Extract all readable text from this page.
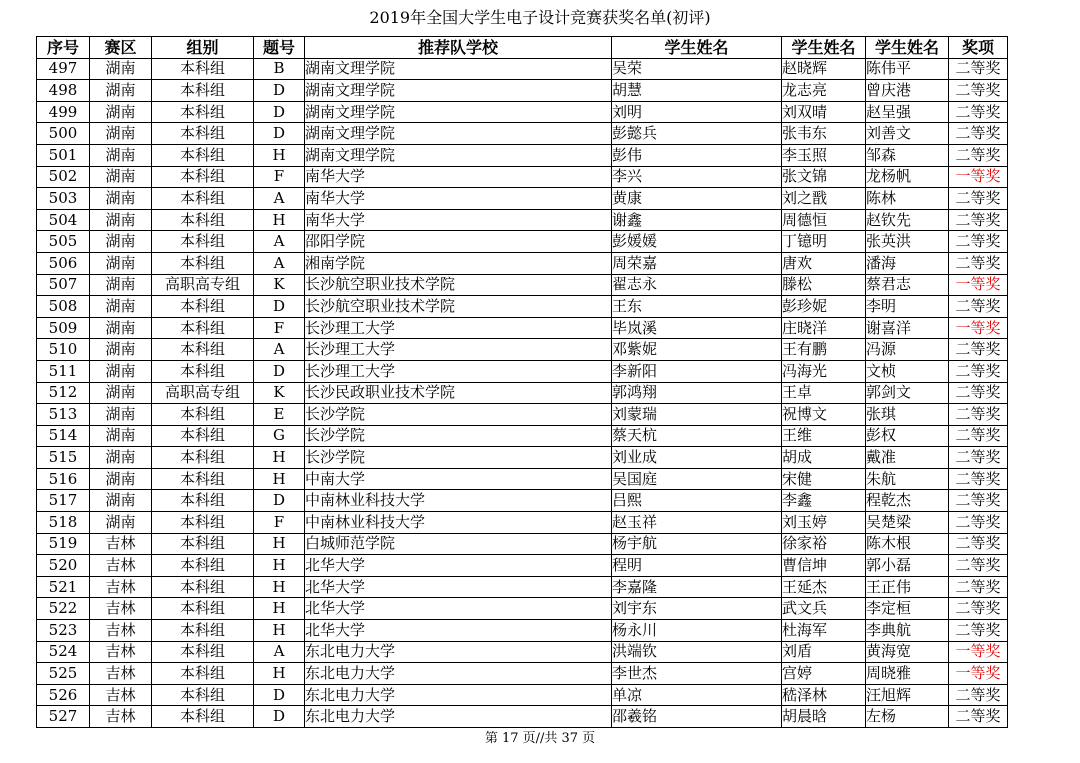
2019年全国大学生电子设计竞赛获奖名单(初评)
序号	赛区	组别	题号	推荐队学校	学生姓名	学生姓名	学生姓名	奖项
497	湖南	本科组	B	湖南文理学院	吴荣	赵晓辉	陈伟平	二等奖
498	湖南	本科组	D	湖南文理学院	胡慧	龙志亮	曾庆港	二等奖
499	湖南	本科组	D	湖南文理学院	刘明	刘双晴	赵呈强	二等奖
500	湖南	本科组	D	湖南文理学院	彭懿兵	张韦东	刘善文	二等奖
501	湖南	本科组	H	湖南文理学院	彭伟	李玉照	邹森	二等奖
502	湖南	本科组	F	南华大学	李兴	张文锦	龙杨帆	一等奖
503	湖南	本科组	A	南华大学	黄康	刘之戬	陈林	二等奖
504	湖南	本科组	H	南华大学	谢鑫	周德恒	赵钦先	二等奖
505	湖南	本科组	A	邵阳学院	彭媛媛	丁镱明	张英洪	二等奖
506	湖南	本科组	A	湘南学院	周荣嘉	唐欢	潘海	二等奖
507	湖南	高职高专组	K	长沙航空职业技术学院	翟志永	滕松	蔡君志	一等奖
508	湖南	本科组	D	长沙航空职业技术学院	王东	彭珍妮	李明	二等奖
509	湖南	本科组	F	长沙理工大学	毕岚溪	庄晓洋	谢喜洋	一等奖
510	湖南	本科组	A	长沙理工大学	邓紫妮	王有鹏	冯源	二等奖
511	湖南	本科组	D	长沙理工大学	李新阳	冯海光	文桢	二等奖
512	湖南	高职高专组	K	长沙民政职业技术学院	郭鸿翔	王卓	郭剑文	二等奖
513	湖南	本科组	E	长沙学院	刘蒙瑞	祝博文	张琪	二等奖
514	湖南	本科组	G	长沙学院	蔡天杭	王维	彭权	二等奖
515	湖南	本科组	H	长沙学院	刘业成	胡成	戴准	二等奖
516	湖南	本科组	H	中南大学	吴国庭	宋健	朱航	二等奖
517	湖南	本科组	D	中南林业科技大学	吕熙	李鑫	程乾杰	二等奖
518	湖南	本科组	F	中南林业科技大学	赵玉祥	刘玉婷	吴楚梁	二等奖
519	吉林	本科组	H	白城师范学院	杨宇航	徐家裕	陈木根	二等奖
520	吉林	本科组	H	北华大学	程明	曹信坤	郭小磊	二等奖
521	吉林	本科组	H	北华大学	李嘉隆	王延杰	王正伟	二等奖
522	吉林	本科组	H	北华大学	刘宇东	武文兵	李定桓	二等奖
523	吉林	本科组	H	北华大学	杨永川	杜海军	李典航	二等奖
524	吉林	本科组	A	东北电力大学	洪端钦	刘盾	黄海宽	一等奖
525	吉林	本科组	H	东北电力大学	李世杰	宫婷	周晓雅	一等奖
526	吉林	本科组	D	东北电力大学	单凉	嵇泽林	汪旭辉	二等奖
527	吉林	本科组	D	东北电力大学	邵羲铭	胡晨晗	左杨	二等奖
第 17 页//共 37 页
